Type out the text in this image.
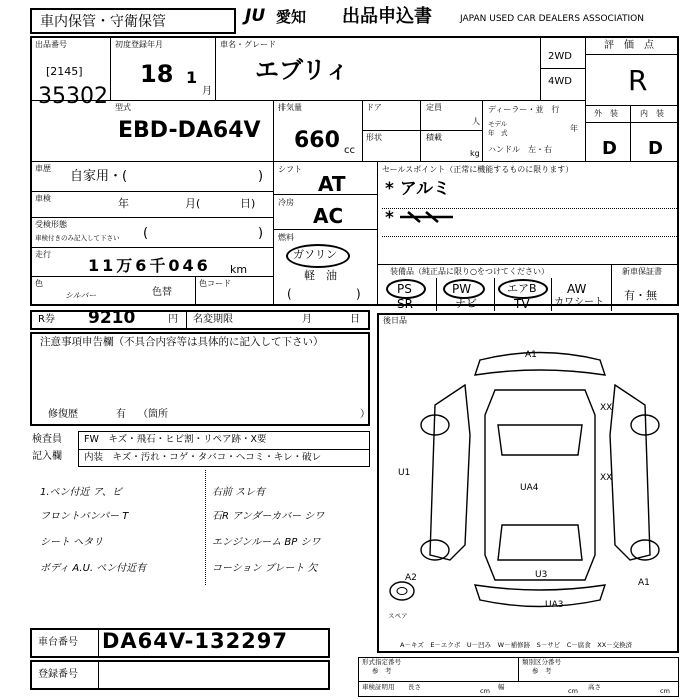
車内保管・守衛保管	JU 愛知 出品申込書	JAPAN USED CAR DEALERS ASSOCIATION
出品番号
[2145]
35302
初度登録年月
18 1
月
車名・グレード
エブリィ	2WD
4WD
評　価　点
R
外　装	内　装
D D
型式
EBD-DA64V
排気量
660 cc
ドア	定員
人
形状	積載
kg
ディーラー・並　行
モデル
年　式	年
ハンドル　左・右
車歴
自家用・(	)
車検	年	月(	日)
受検形態
車検付きのみ記入して下さい (	)
走行
11万6千046 km
色
シルバー	色替
色コード
シフト
AT
冷房
AC
燃料
ガソリン
軽　油
(	)
セールスポイント（正常に機能するものに限ります）
* アルミ
*
装備品（純正品に限り○をつけてください）
PS	PW	エアB	AW
SR	ナビ	TV カワシート
新車保証書
有・無
R券 9210	円 名変期限	月	日
注意事項申告欄（不具合内容等は具体的に記入して下さい）
修復歴	有 （箇所	）
検査員
記入欄
FW　キズ・飛石・ヒビ割・リペア跡・X要
内装　キズ・汚れ・コゲ・タバコ・ヘコミ・キレ・破レ
1.ペン付近 ア、ビ
フロントバンパー T
シート ヘタリ
ボディ A.U. ペン付近有
右前 スレ有
石R アンダーカバー シワ
エンジンルーム BP シワ
コーション プレート 欠
後日品
A1
XX
U1	XX
UA4
A2	U3
UA3
A1
スペア
A－キズ　E－エクボ　U－凹み　W－補修跡　S－サビ　C－腐食　XX－交換済
車台番号 DA64V-132297
登録番号
形式指定番号
参　考
類別区分番号
参　考
車検証明用 長さ	cm 幅	cm 高さ	cm
